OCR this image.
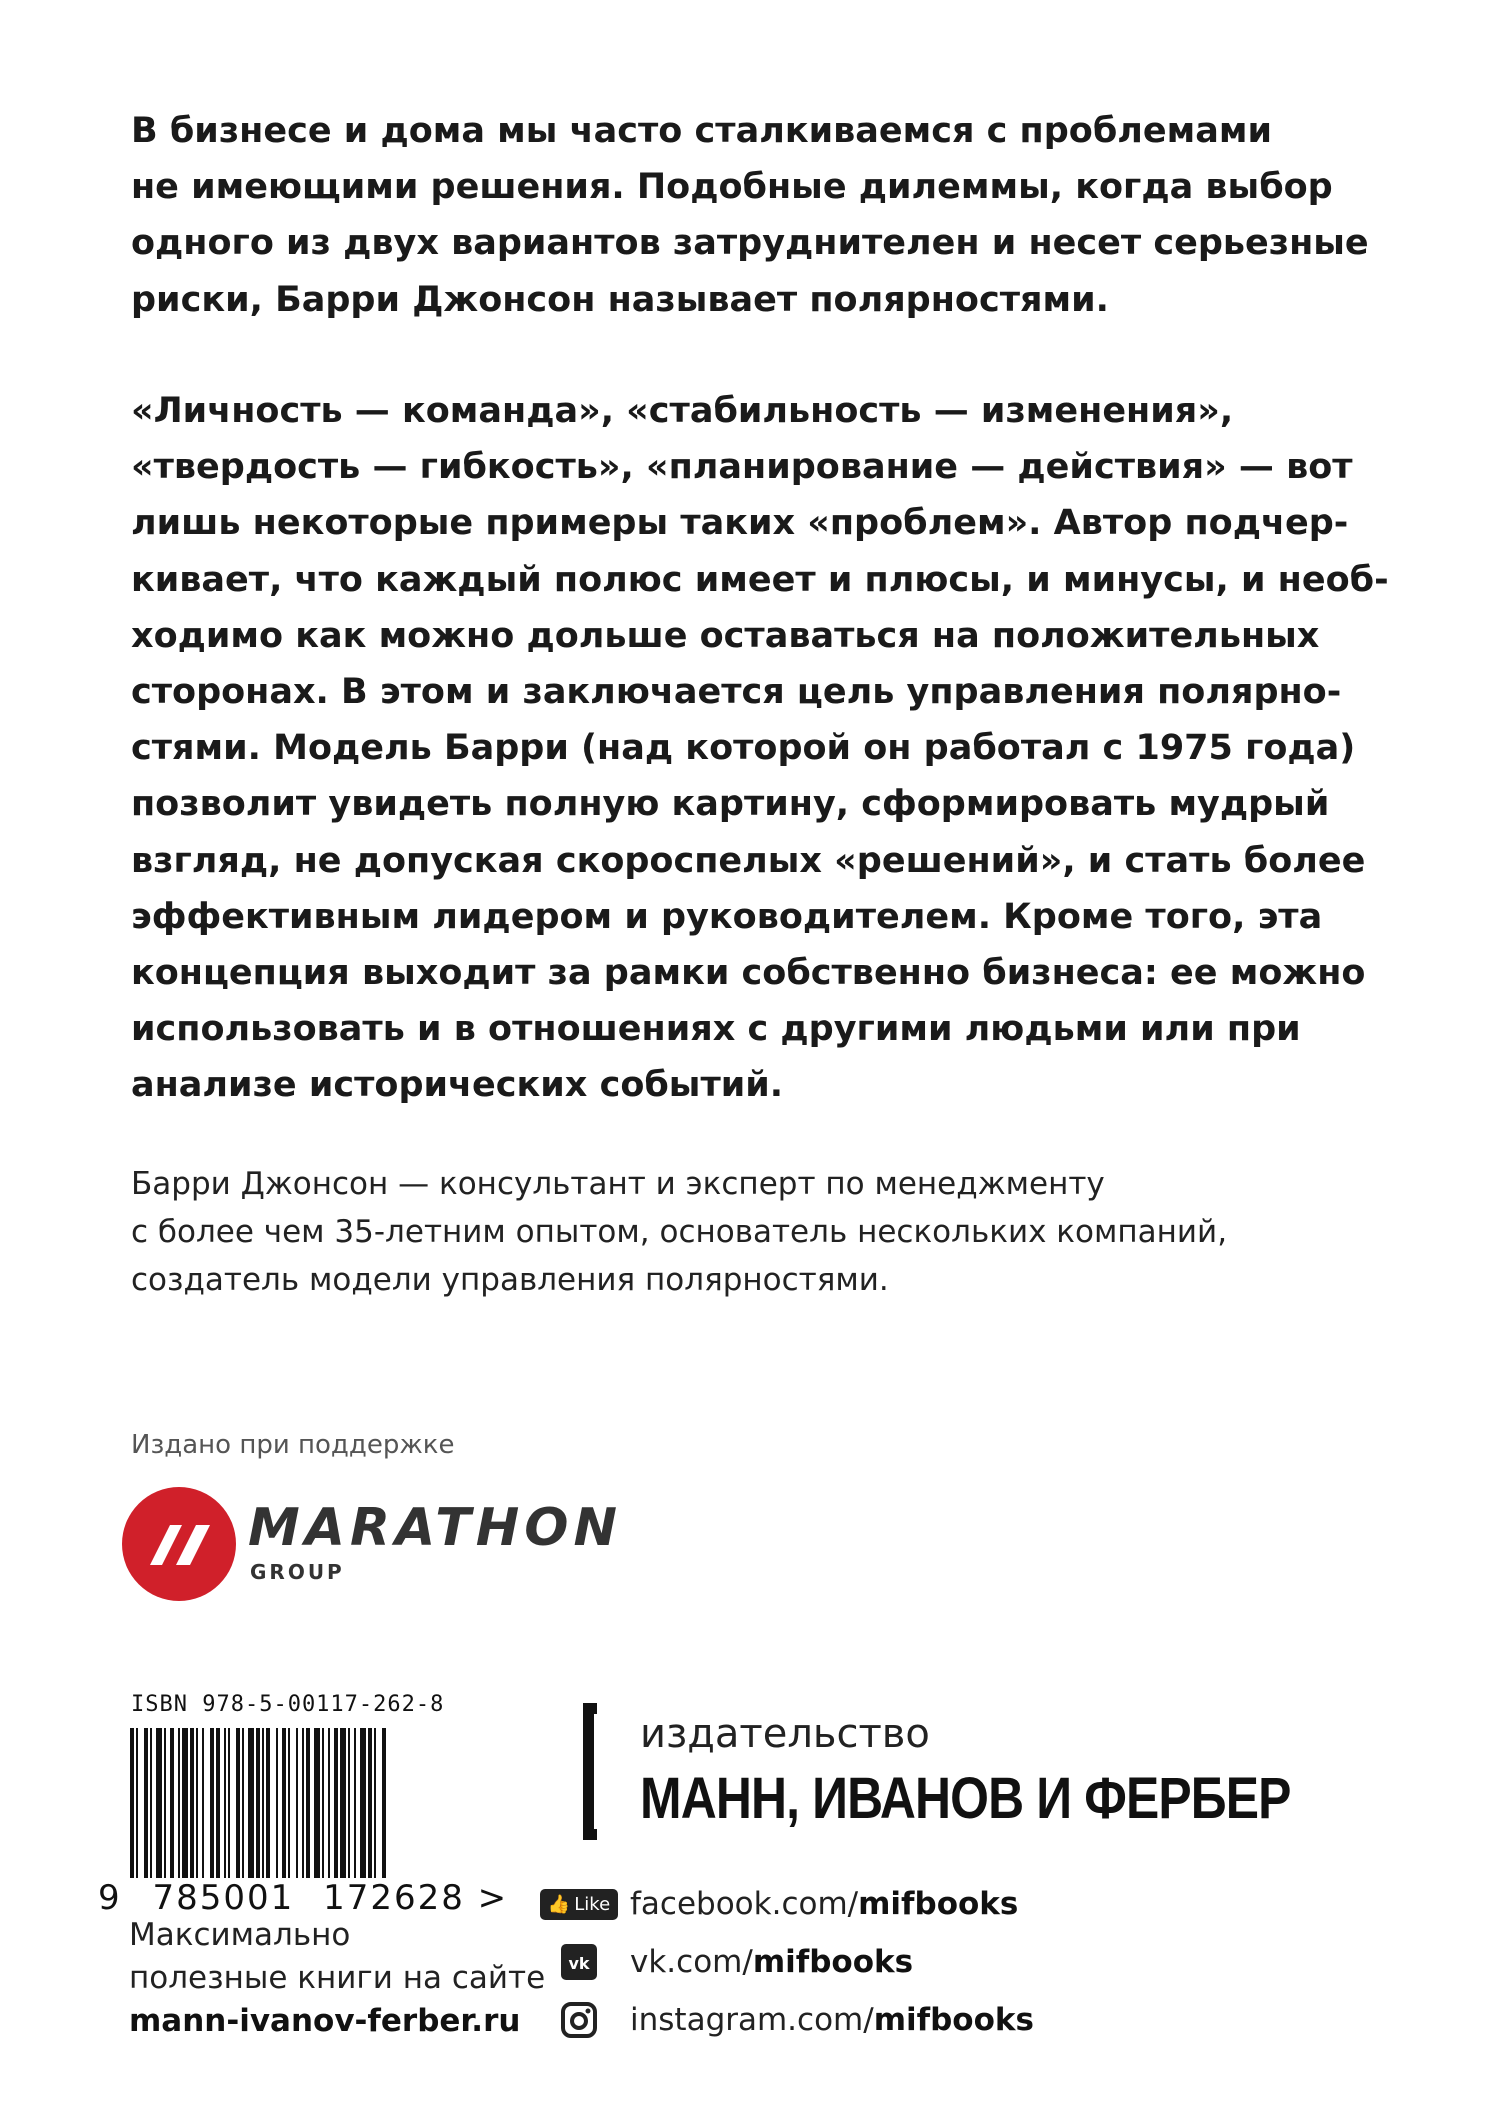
В бизнесе и дома мы часто сталкиваемся с проблемами
не имеющими решения. Подобные дилеммы, когда выбор
одного из двух вариантов затруднителен и несет серьезные
риски, Барри Джонсон называет полярностями.

«Личность — команда», «стабильность — изменения»,
«твердость — гибкость», «планирование — действия» — вот
лишь некоторые примеры таких «проблем». Автор подчер-
кивает, что каждый полюс имеет и плюсы, и минусы, и необ-
ходимо как можно дольше оставаться на положительных
сторонах. В этом и заключается цель управления полярно-
стями. Модель Барри (над которой он работал с 1975 года)
позволит увидеть полную картину, сформировать мудрый
взгляд, не допуская скороспелых «решений», и стать более
эффективным лидером и руководителем. Кроме того, эта
концепция выходит за рамки собственно бизнеса: ее можно
использовать и в отношениях с другими людьми или при
анализе исторических событий.

Барри Джонсон — консультант и эксперт по менеджменту
с более чем 35-летним опытом, основатель нескольких компаний,
создатель модели управления полярностями.

Издано при поддержке
MARATHON
GROUP
ISBN 978-5-00117-262-8
9 785001 172628 >

Максимально
полезные книги на сайте
mann-ivanov-ferber.ru

издательство
МАНН, ИВАНОВ И ФЕРБЕР
👍 Like facebook.com/mifbooks
vk vk.com/mifbooks
instagram.com/mifbooks
